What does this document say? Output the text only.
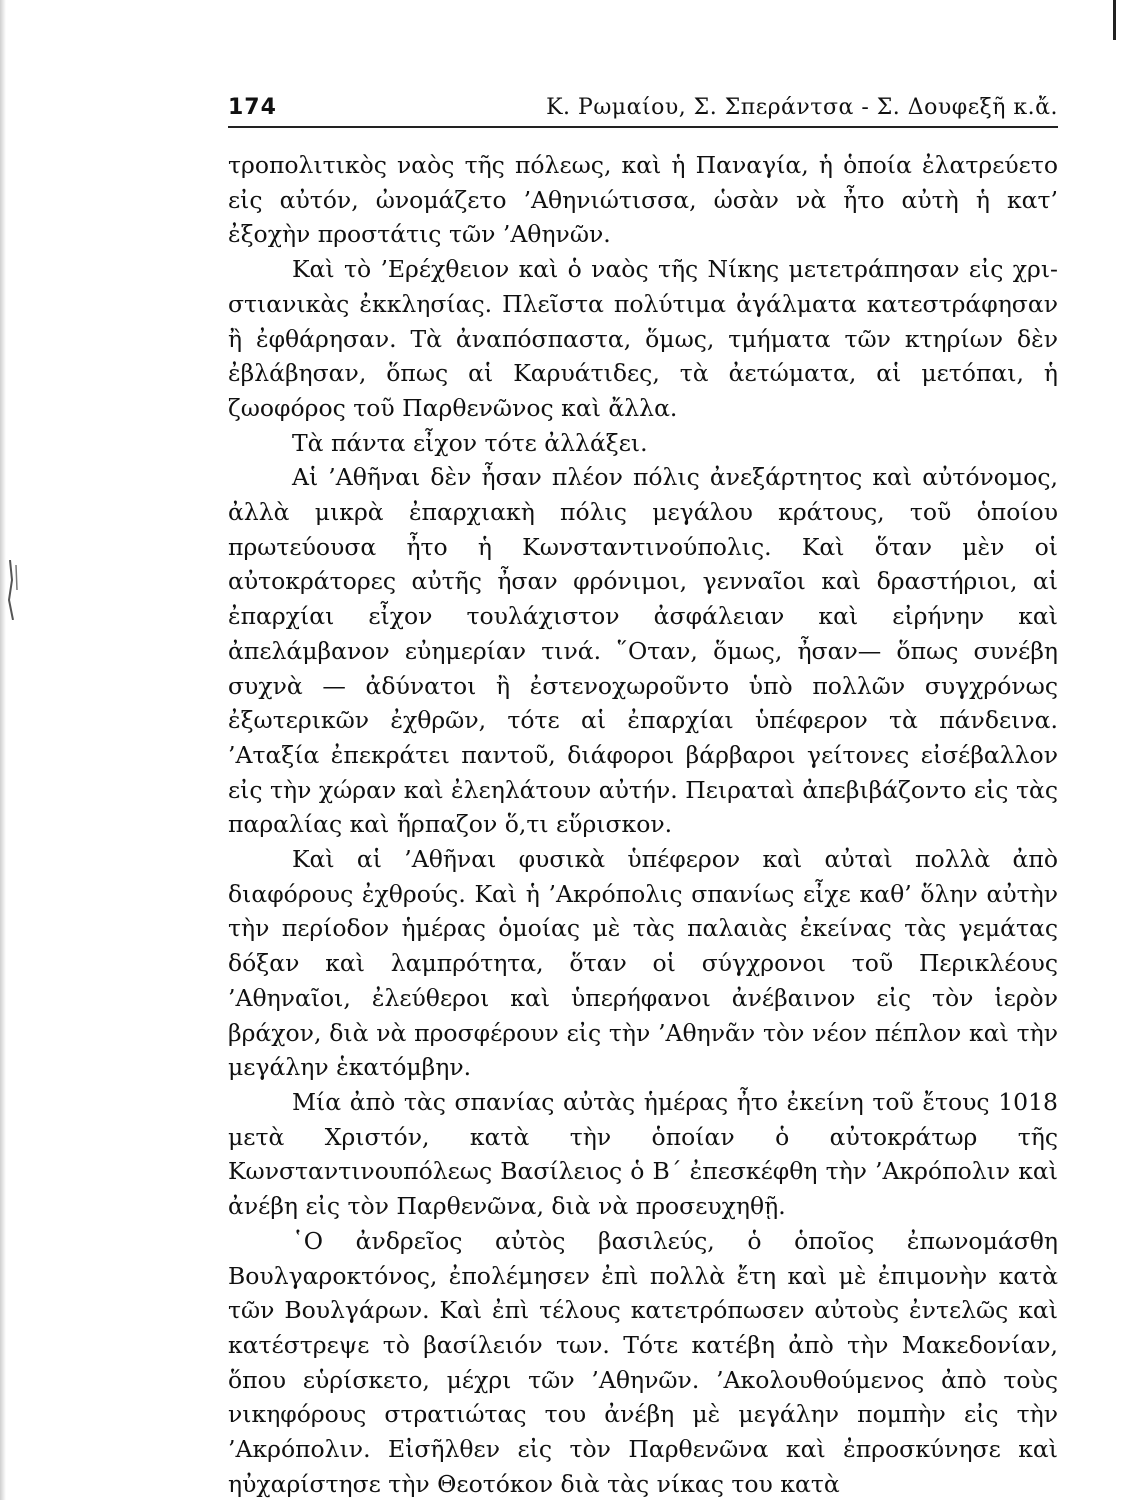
174	Κ. Ρωμαίου, Σ. Σπεράντσα - Σ. Δουφεξῆ κ.ἄ.

τροπολιτικὸς ναὸς τῆς πόλεως, καὶ ἡ Παναγία, ἡ ὁποία ἐλατρεύετο εἰς αὐτόν, ὠνομάζετο ’Αθηνιώτισσα, ὡσὰν νὰ ἦτο αὐτὴ ἡ κατ’ ἐξοχὴν προστάτις τῶν ’Αθηνῶν.

Καὶ τὸ ’Ερέχθειον καὶ ὁ ναὸς τῆς Νίκης μετετράπησαν εἰς χριστιανικὰς ἐκκλησίας. Πλεῖστα πολύτιμα ἀγάλματα κατεστράφησαν ἢ ἐφθάρησαν. Τὰ ἀναπόσπαστα, ὅμως, τμήματα τῶν κτηρίων δὲν ἐβλάβησαν, ὅπως αἱ Καρυάτιδες, τὰ ἀετώματα, αἱ μετόπαι, ἡ ζωοφόρος τοῦ Παρθενῶνος καὶ ἄλλα.

Τὰ πάντα εἶχον τότε ἀλλάξει.

Αἱ ’Αθῆναι δὲν ἦσαν πλέον πόλις ἀνεξάρτητος καὶ αὐτόνομος, ἀλλὰ μικρὰ ἐπαρχιακὴ πόλις μεγάλου κράτους, τοῦ ὁποίου πρωτεύουσα ἦτο ἡ Κωνσταντινούπολις. Καὶ ὅταν μὲν οἱ αὐτοκράτορες αὐτῆς ἦσαν φρόνιμοι, γενναῖοι καὶ δραστήριοι, αἱ ἐπαρχίαι εἶχον τουλάχιστον ἀσφάλειαν καὶ εἰρήνην καὶ ἀπελάμβανον εὐημερίαν τινά. ῞Οταν, ὅμως, ἦσαν— ὅπως συνέβη συχνὰ — ἀδύνατοι ἢ ἐστενοχωροῦντο ὑπὸ πολλῶν συγχρόνως ἐξωτερικῶν ἐχθρῶν, τότε αἱ ἐπαρχίαι ὑπέφερον τὰ πάνδεινα. ’Αταξία ἐπεκράτει παντοῦ, διάφοροι βάρβαροι γείτονες εἰσέβαλλον εἰς τὴν χώραν καὶ ἐλεηλάτουν αὐτήν. Πειραταὶ ἀπεβιβάζοντο εἰς τὰς παραλίας καὶ ἥρπαζον ὅ,τι εὕρισκον.

Καὶ αἱ ’Αθῆναι φυσικὰ ὑπέφερον καὶ αὐταὶ πολλὰ ἀπὸ διαφόρους ἐχθρούς. Καὶ ἡ ’Ακρόπολις σπανίως εἶχε καθ’ ὅλην αὐτὴν τὴν περίοδον ἡμέρας ὁμοίας μὲ τὰς παλαιὰς ἐκείνας τὰς γεμάτας δόξαν καὶ λαμπρότητα, ὅταν οἱ σύγχρονοι τοῦ Περικλέους ’Αθηναῖοι, ἐλεύθεροι καὶ ὑπερήφανοι ἀνέβαινον εἰς τὸν ἱερὸν βράχον, διὰ νὰ προσφέρουν εἰς τὴν ’Αθηνᾶν τὸν νέον πέπλον καὶ τὴν μεγάλην ἑκατόμβην.

Μία ἀπὸ τὰς σπανίας αὐτὰς ἡμέρας ἦτο ἐκείνη τοῦ ἔτους 1018 μετὰ Χριστόν, κατὰ τὴν ὁποίαν ὁ αὐτοκράτωρ τῆς Κωνσταντινουπόλεως Βασίλειος ὁ Β΄ ἐπεσκέφθη τὴν ’Ακρόπολιν καὶ ἀνέβη εἰς τὸν Παρθενῶνα, διὰ νὰ προσευχηθῇ.

῾Ο ἀνδρεῖος αὐτὸς βασιλεύς, ὁ ὁποῖος ἐπωνομάσθη Βουλγαροκτόνος, ἐπολέμησεν ἐπὶ πολλὰ ἔτη καὶ μὲ ἐπιμονὴν κατὰ τῶν Βουλγάρων. Καὶ ἐπὶ τέλους κατετρόπωσεν αὐτοὺς ἐντελῶς καὶ κατέστρεψε τὸ βασίλειόν των. Τότε κατέβη ἀπὸ τὴν Μακεδονίαν, ὅπου εὑρίσκετο, μέχρι τῶν ’Αθηνῶν. ’Ακολουθούμενος ἀπὸ τοὺς νικηφόρους στρατιώτας του ἀνέβη μὲ μεγάλην πομπὴν εἰς τὴν ’Ακρόπολιν. Εἰσῆλθεν εἰς τὸν Παρθενῶνα καὶ ἐπροσκύνησε καὶ ηὐχαρίστησε τὴν Θεοτόκον διὰ τὰς νίκας του κατὰ
